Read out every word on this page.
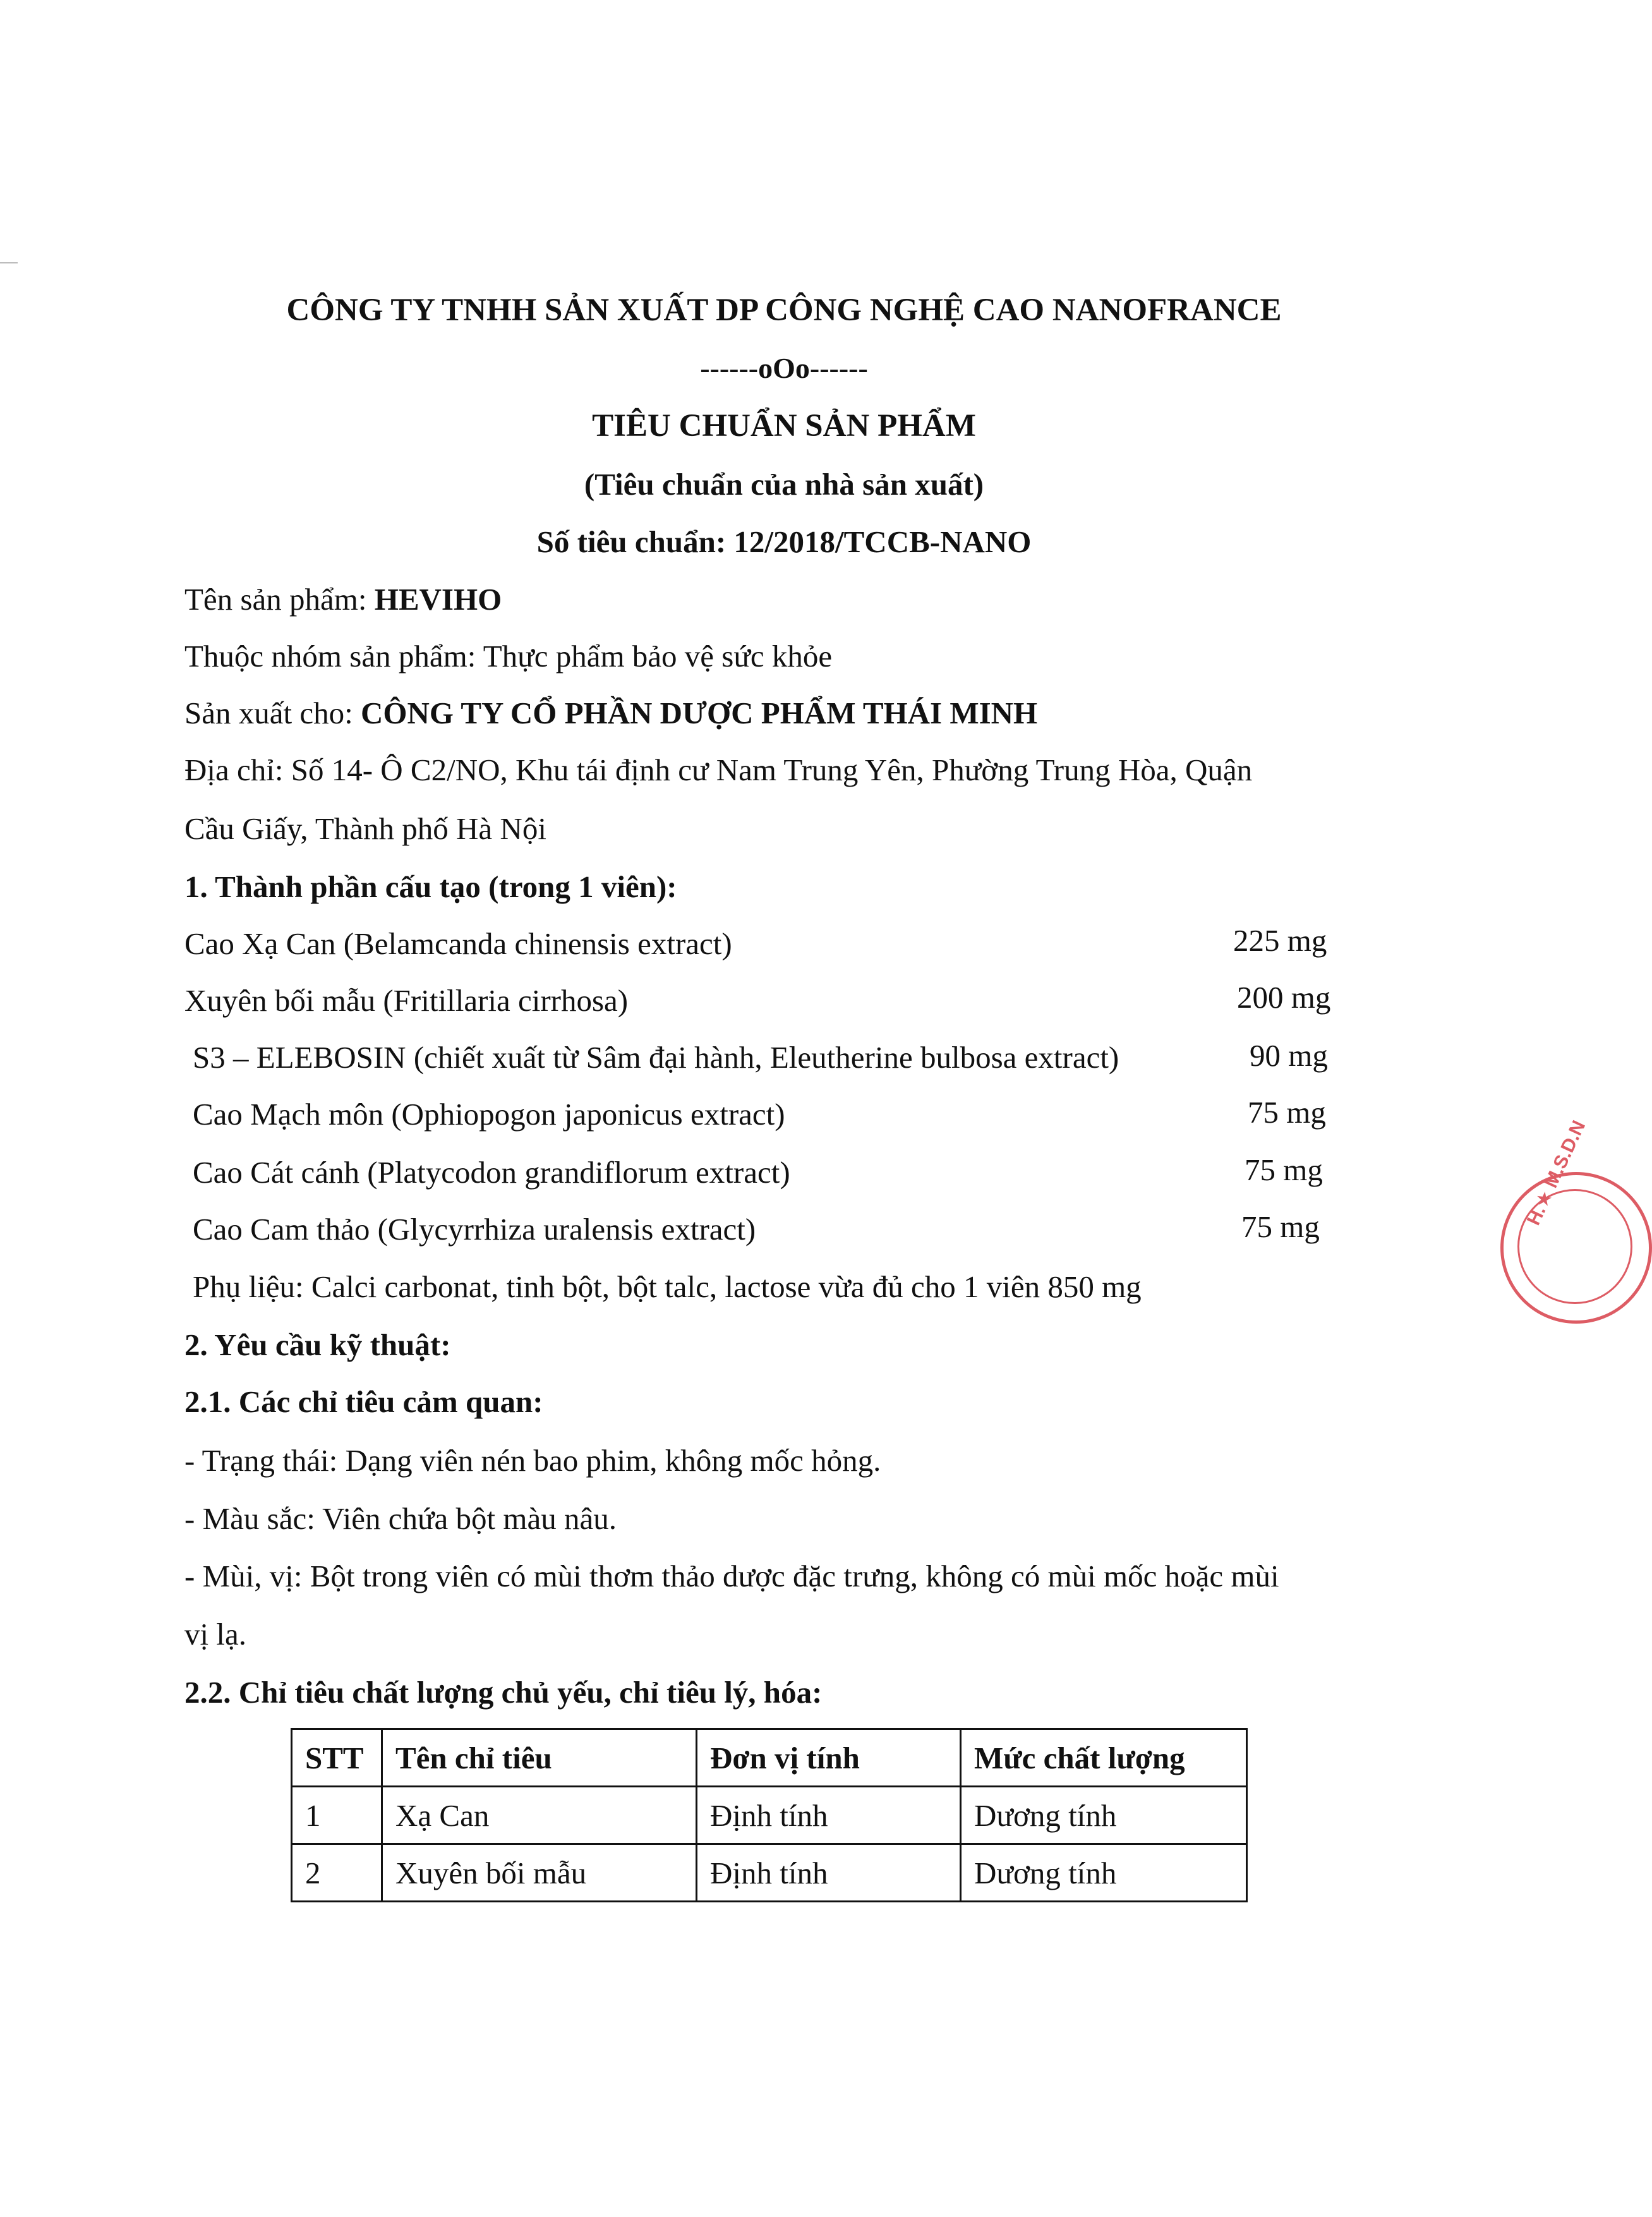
CÔNG TY TNHH SẢN XUẤT DP CÔNG NGHỆ CAO NANOFRANCE
------oOo------
TIÊU CHUẨN SẢN PHẨM
(Tiêu chuẩn của nhà sản xuất)
Số tiêu chuẩn: 12/2018/TCCB-NANO
Tên sản phẩm: HEVIHO
Thuộc nhóm sản phẩm: Thực phẩm bảo vệ sức khỏe
Sản xuất cho: CÔNG TY CỔ PHẦN DƯỢC PHẨM THÁI MINH
Địa chỉ: Số 14- Ô C2/NO, Khu tái định cư Nam Trung Yên, Phường Trung Hòa, Quận
Cầu Giấy, Thành phố Hà Nội
1. Thành phần cấu tạo (trong 1 viên):
Cao Xạ Can (Belamcanda chinensis extract)	225 mg
Xuyên bối mẫu (Fritillaria cirrhosa)	200 mg
S3 – ELEBOSIN (chiết xuất từ Sâm đại hành, Eleutherine bulbosa extract)	90 mg
Cao Mạch môn (Ophiopogon japonicus extract)	75 mg
Cao Cát cánh (Platycodon grandiflorum extract)	75 mg
Cao Cam thảo (Glycyrrhiza uralensis extract)	75 mg
Phụ liệu: Calci carbonat, tinh bột, bột talc, lactose vừa đủ cho 1 viên 850 mg
2. Yêu cầu kỹ thuật:
2.1. Các chỉ tiêu cảm quan:
- Trạng thái: Dạng viên nén bao phim, không mốc hỏng.
- Màu sắc: Viên chứa bột màu nâu.
- Mùi, vị: Bột trong viên có mùi thơm thảo dược đặc trưng, không có mùi mốc hoặc mùi
vị lạ.
2.2. Chỉ tiêu chất lượng chủ yếu, chỉ tiêu lý, hóa:
STT	Tên chỉ tiêu	Đơn vị tính	Mức chất lượng
1	Xạ Can	Định tính	Dương tính
2	Xuyên bối mẫu	Định tính	Dương tính
H.★ M.S.D.N
